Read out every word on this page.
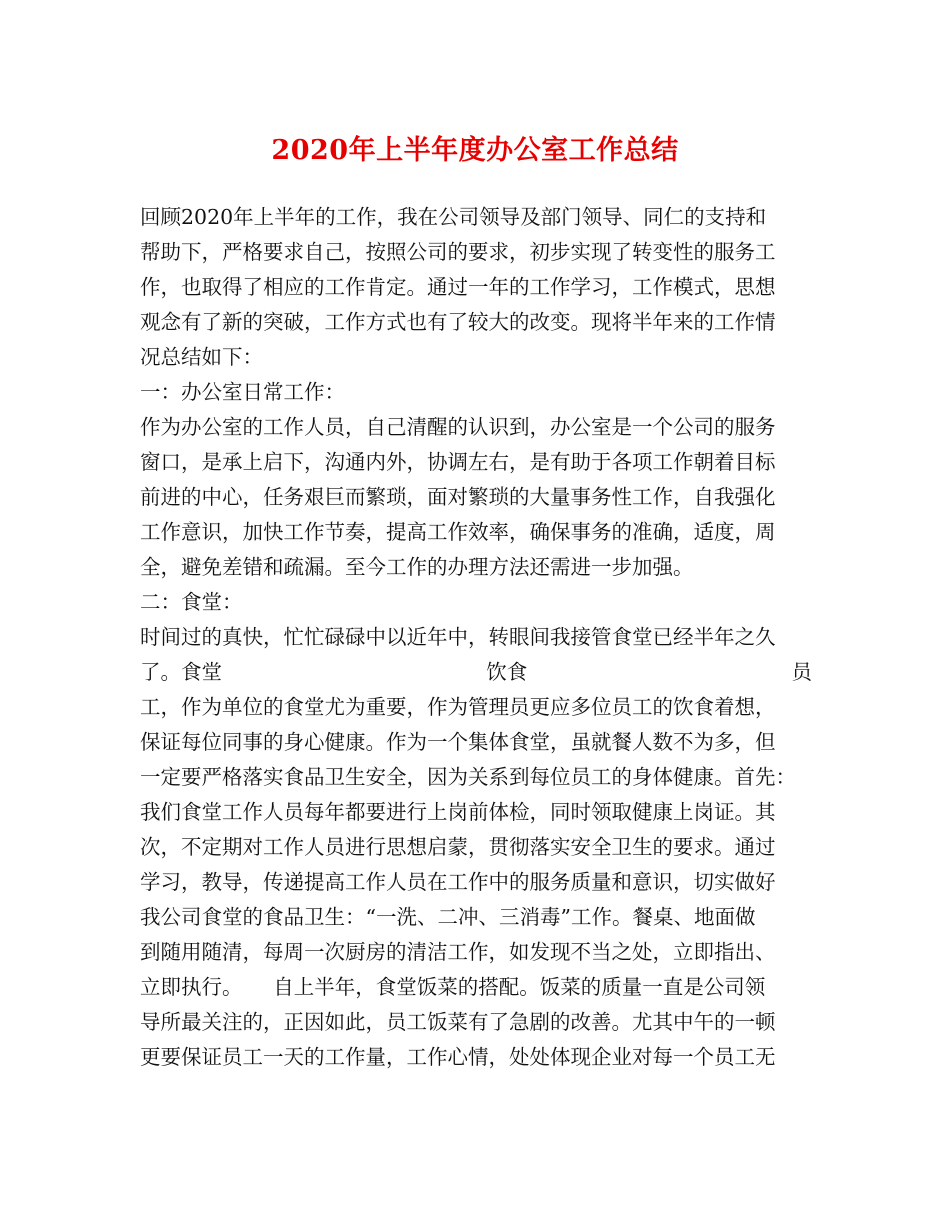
2020年上半年度办公室工作总结
回顾2020年上半年的工作，我在公司领导及部门领导、同仁的支持和
帮助下，严格要求自己，按照公司的要求，初步实现了转变性的服务工
作，也取得了相应的工作肯定。通过一年的工作学习，工作模式，思想
观念有了新的突破，工作方式也有了较大的改变。现将半年来的工作情
况总结如下：
一：办公室日常工作：
作为办公室的工作人员，自己清醒的认识到，办公室是一个公司的服务
窗口，是承上启下，沟通内外，协调左右，是有助于各项工作朝着目标
前进的中心，任务艰巨而繁琐，面对繁琐的大量事务性工作，自我强化
工作意识，加快工作节奏，提高工作效率，确保事务的准确，适度，周
全，避免差错和疏漏。至今工作的办理方法还需进一步加强。
二：食堂：
时间过的真快，忙忙碌碌中以近年中，转眼间我接管食堂已经半年之久
了。食堂	饮食	员
工，作为单位的食堂尤为重要，作为管理员更应多位员工的饮食着想，
保证每位同事的身心健康。作为一个集体食堂，虽就餐人数不为多，但
一定要严格落实食品卫生安全，因为关系到每位员工的身体健康。首先：
我们食堂工作人员每年都要进行上岗前体检，同时领取健康上岗证。其
次，不定期对工作人员进行思想启蒙，贯彻落实安全卫生的要求。通过
学习，教导，传递提高工作人员在工作中的服务质量和意识，切实做好
我公司食堂的食品卫生：“一洗、二冲、三消毒”工作。餐桌、地面做
到随用随清，每周一次厨房的清洁工作，如发现不当之处，立即指出、
立即执行。　　自上半年，食堂饭菜的搭配。饭菜的质量一直是公司领
导所最关注的，正因如此，员工饭菜有了急剧的改善。尤其中午的一顿
更要保证员工一天的工作量，工作心情，处处体现企业对每一个员工无
